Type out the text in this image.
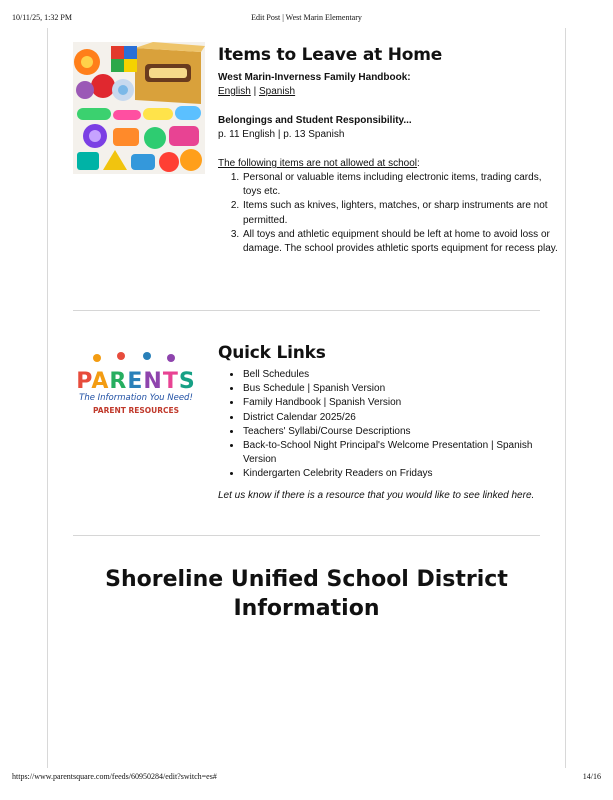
10/11/25, 1:32 PM	Edit Post | West Marin Elementary
Items to Leave at Home
West Marin-Inverness Family Handbook:
English | Spanish
Belongings and Student Responsibility...
p. 11 English | p. 13 Spanish
The following items are not allowed at school:
1. Personal or valuable items including electronic items, trading cards, toys etc.
2. Items such as knives, lighters, matches, or sharp instruments are not permitted.
3. All toys and athletic equipment should be left at home to avoid loss or damage. The school provides athletic sports equipment for recess play.
PARENTS
The Information You Need!
PARENT RESOURCES
Quick Links
• Bell Schedules
• Bus Schedule | Spanish Version
• Family Handbook | Spanish Version
• District Calendar 2025/26
• Teachers' Syllabi/Course Descriptions
• Back-to-School Night Principal's Welcome Presentation | Spanish Version
• Kindergarten Celebrity Readers on Fridays
Let us know if there is a resource that you would like to see linked here.
Shoreline Unified School District Information
https://www.parentsquare.com/feeds/60950284/edit?switch=es#	14/16
